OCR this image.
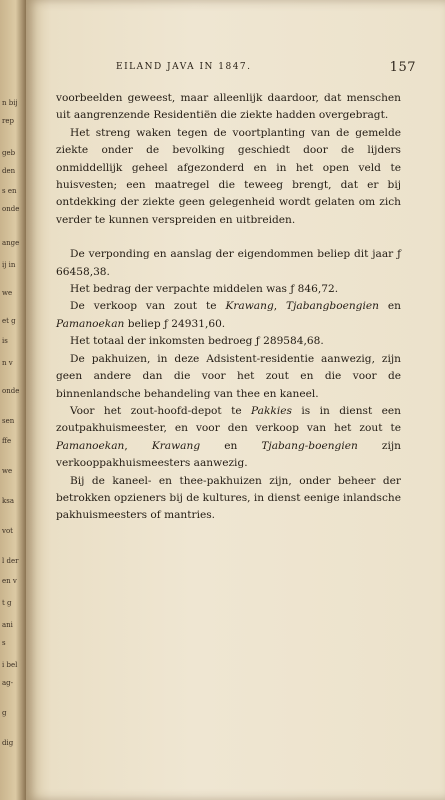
n bij
rep
geb
den
s en
onde
ange
ij in
we
et g
is
n v
onde
sen
ffe
we
ksa
vot
l der
en v
t g
ani
s
i bel
ag-
g
dig
EILAND JAVA IN 1847.	157

voorbeelden geweest, maar alleenlijk daardoor, dat menschen uit aangrenzende Residentiën die ziekte hadden overgebragt.

Het streng waken tegen de voortplanting van de gemelde ziekte onder de bevolking geschiedt door de lijders onmiddellijk geheel afgezonderd en in het open veld te huisvesten; een maatregel die teweeg brengt, dat er bij ontdekking der ziekte geen gelegenheid wordt gelaten om zich verder te kunnen verspreiden en uitbreiden.

De verponding en aanslag der eigendommen beliep dit jaar ƒ 66458,38.

Het bedrag der verpachte middelen was ƒ 846,72.

De verkoop van zout te Krawang, Tjabangboengien en Pamanoekan beliep ƒ 24931,60.

Het totaal der inkomsten bedroeg ƒ 289584,68.

De pakhuizen, in deze Adsistent-residentie aanwezig, zijn geen andere dan die voor het zout en die voor de binnenlandsche behandeling van thee en kaneel.

Voor het zout-hoofd-depot te Pakkies is in dienst een zoutpakhuismeester, en voor den verkoop van het zout te Pamanoekan, Krawang en Tjabang-boengien zijn verkooppakhuismeesters aanwezig.

Bij de kaneel- en thee-pakhuizen zijn, onder beheer der betrokken opzieners bij de kultures, in dienst eenige inlandsche pakhuismeesters of mantries.
